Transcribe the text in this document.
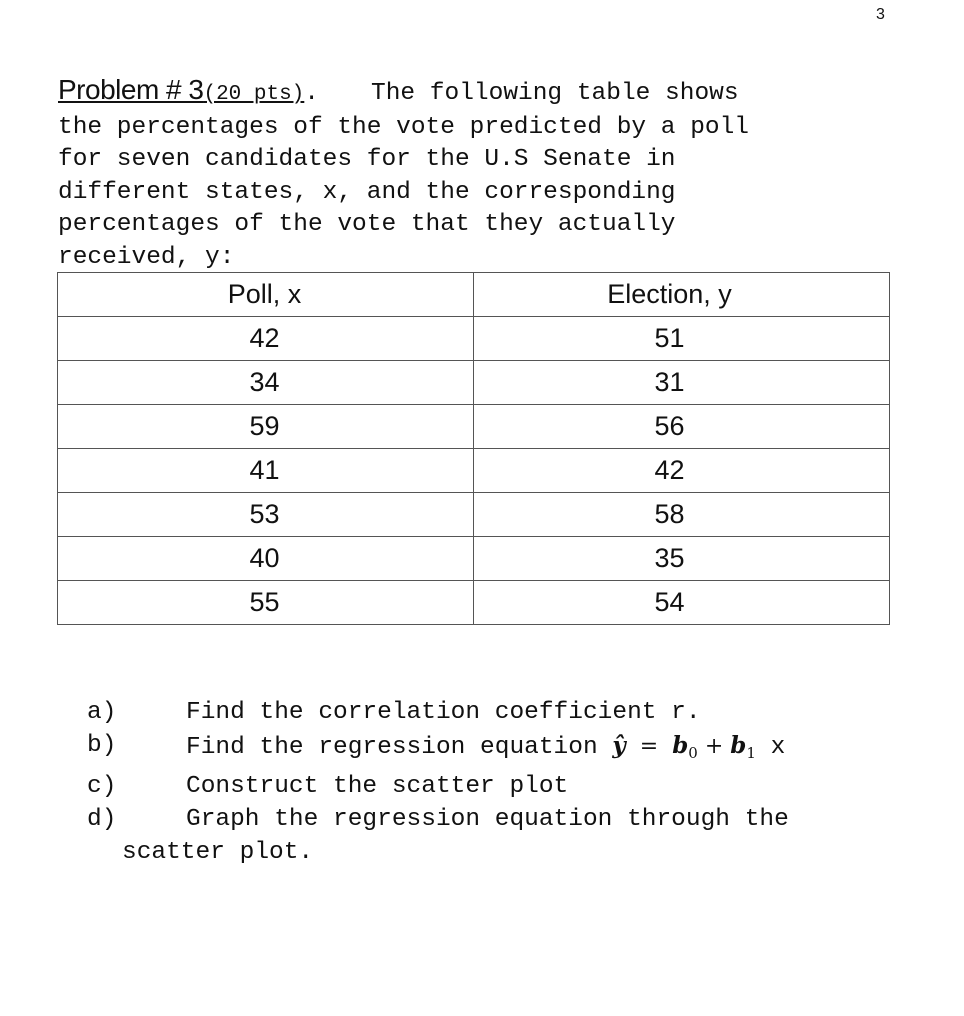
3
Problem # 3(20 pts). The following table shows
the percentages of the vote predicted by a poll
for seven candidates for the U.S Senate in
different states, x, and the corresponding
percentages of the vote that they actually
received, y:
Poll, x	Election, y
42	51
34	31
59	56
41	42
53	58
40	35
55	54
a)	Find the correlation coefficient r.
b)	Find the regression equation ŷ = $b_0 + b_1$ x
c)	Construct the scatter plot
d)	Graph the regression equation through the
scatter plot.
